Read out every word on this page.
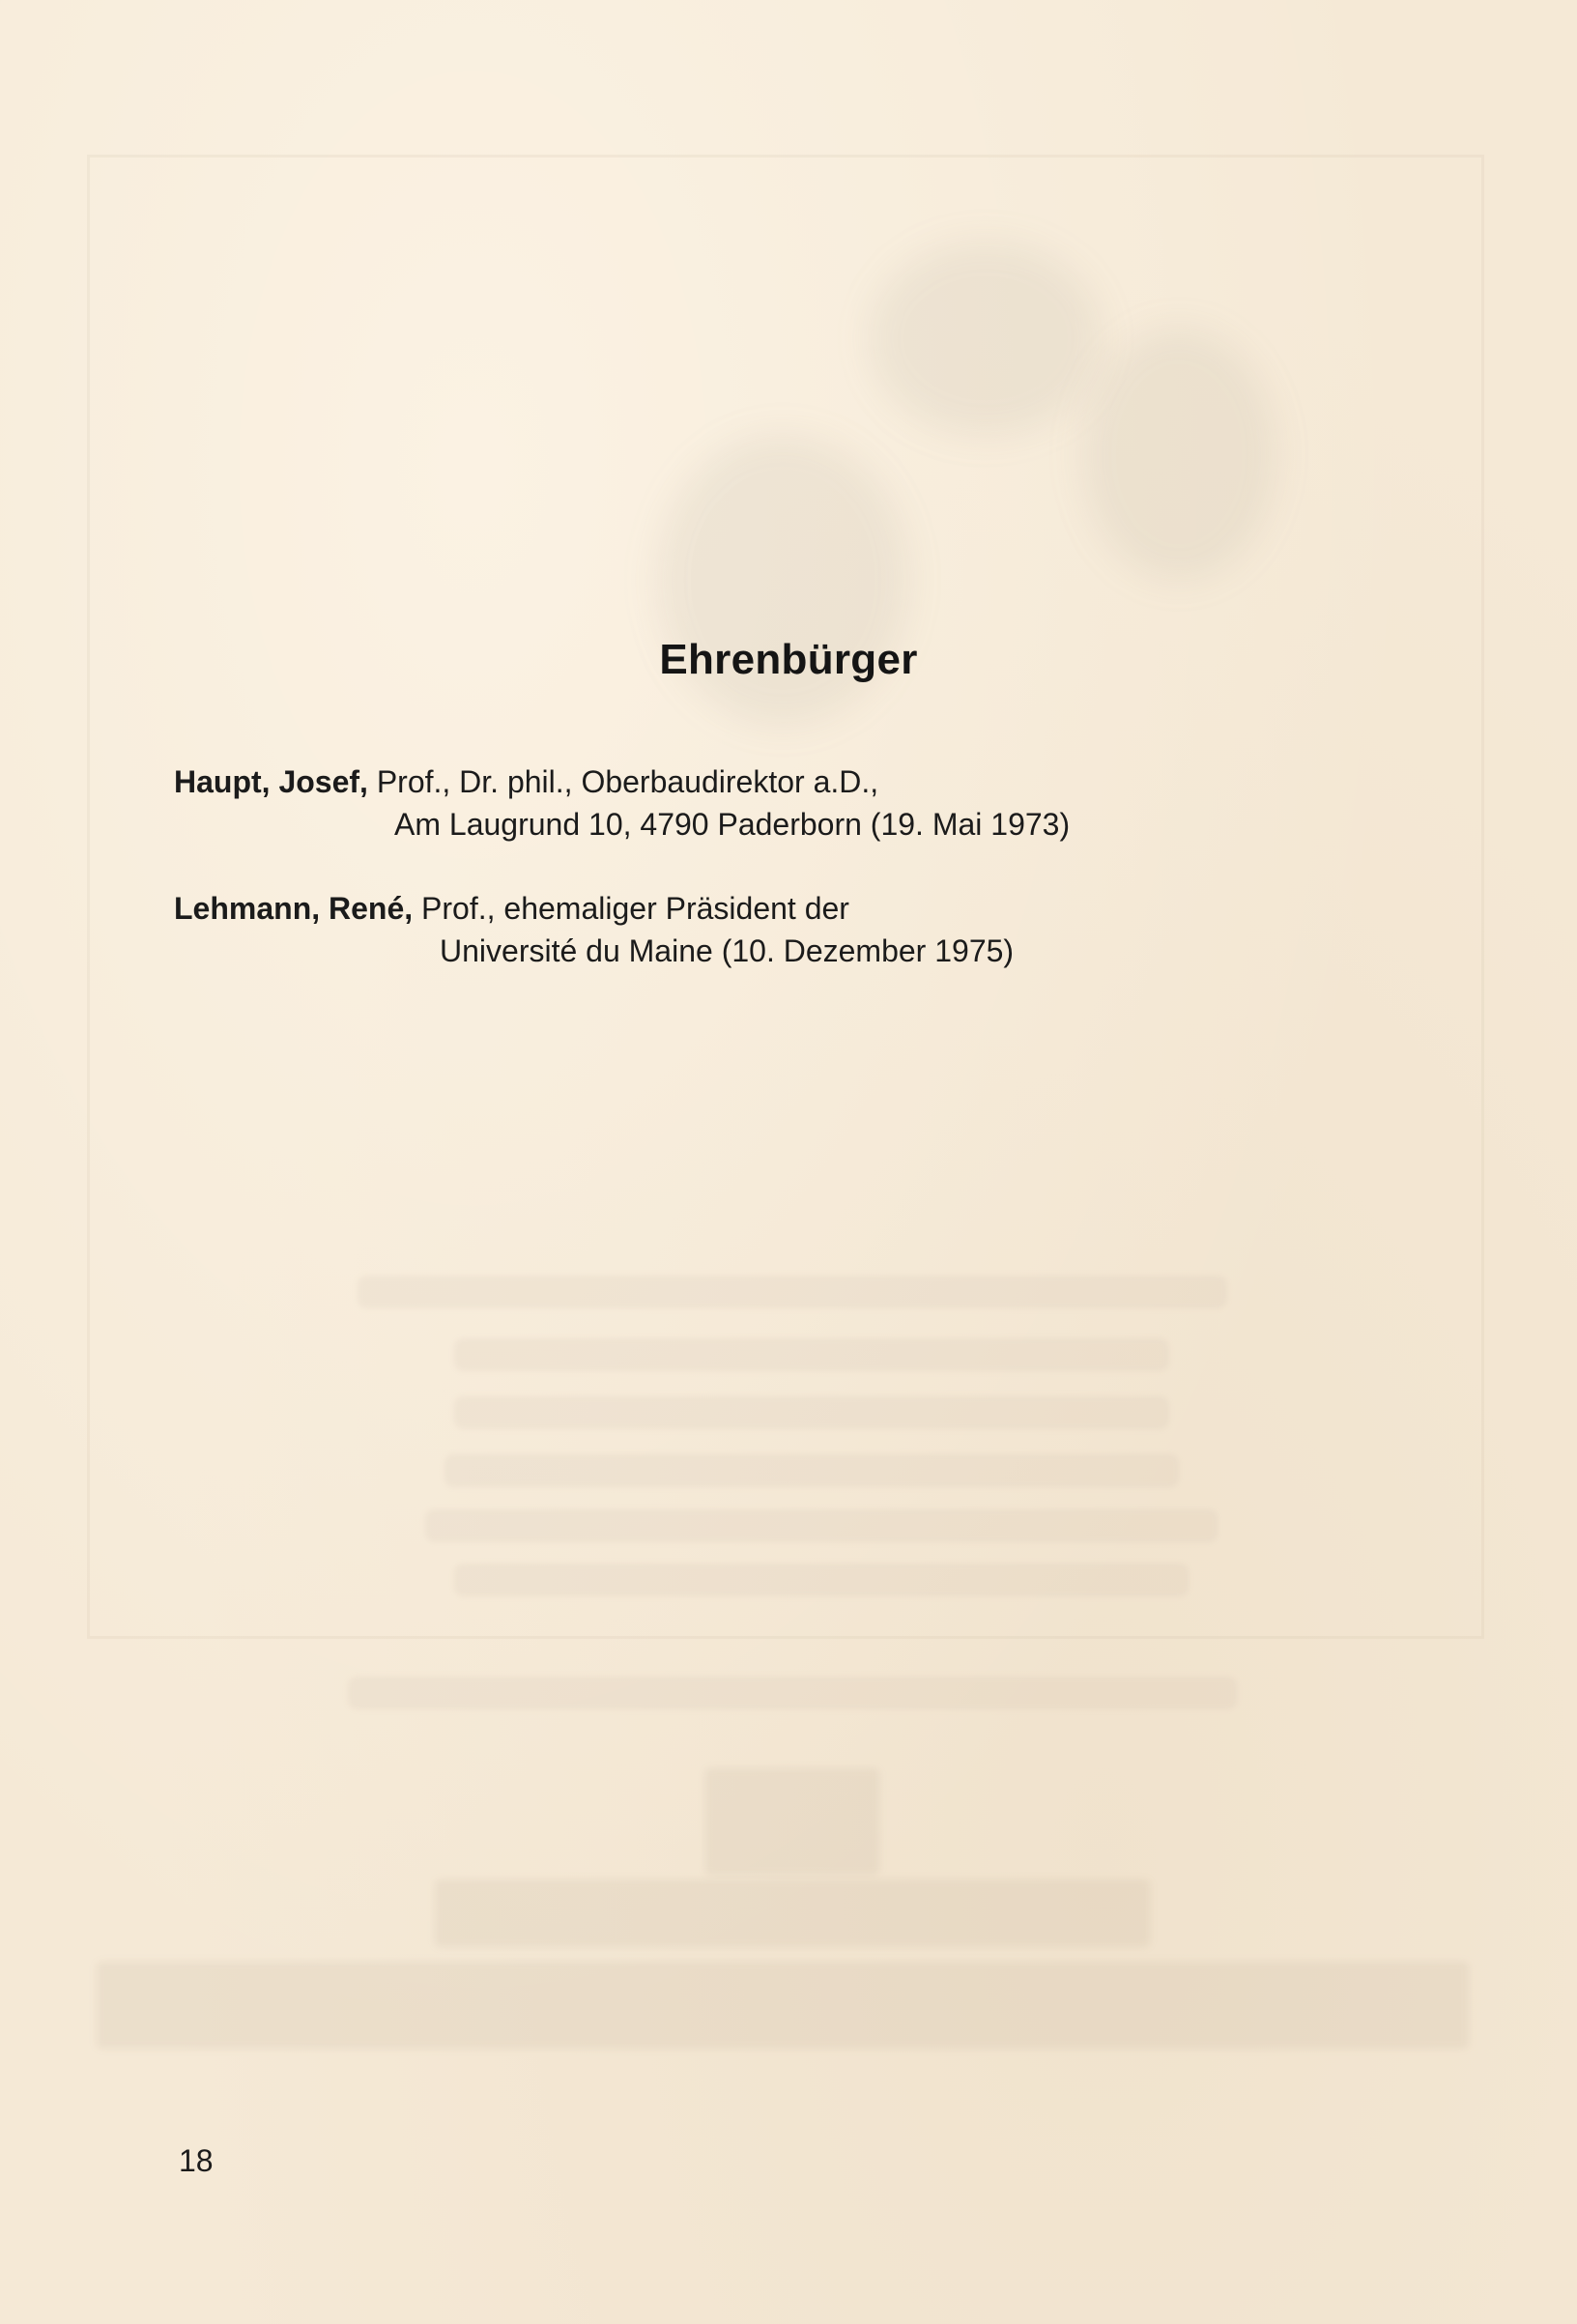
Ehrenbürger
Haupt, Josef, Prof., Dr. phil., Oberbaudirektor a.D.,
Am Laugrund 10, 4790 Paderborn (19. Mai 1973)
Lehmann, René, Prof., ehemaliger Präsident der
Université du Maine (10. Dezember 1975)
18
